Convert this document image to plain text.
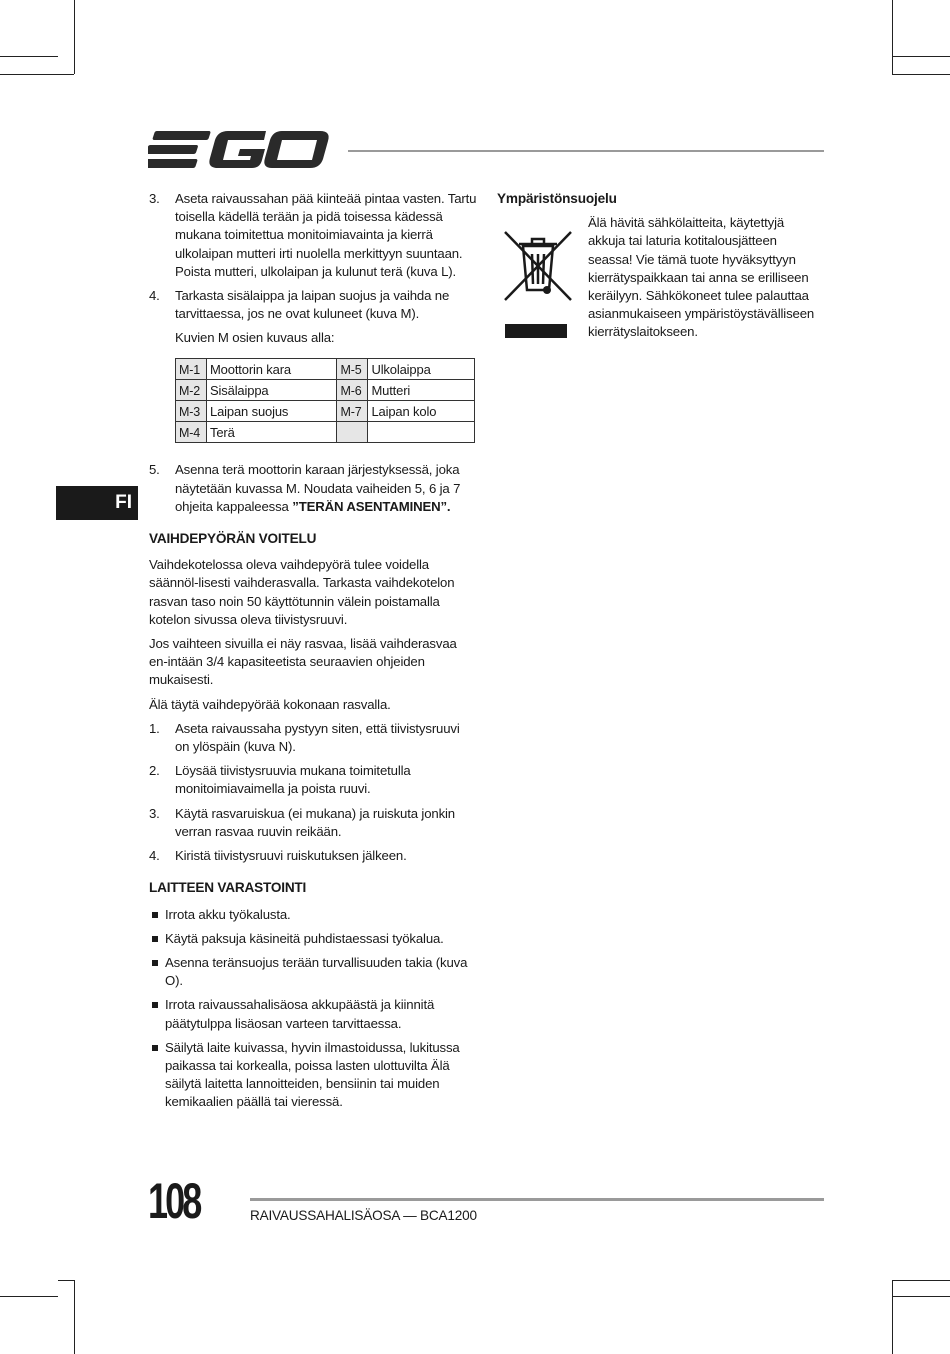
FI
3. Aseta raivaussahan pää kiinteää pintaa vasten. Tartu toisella kädellä terään ja pidä toisessa kädessä mukana toimitettua monitoimiavainta ja kierrä ulkolaipan mutteri irti nuolella merkittyyn suuntaan. Poista mutteri, ulkolaipan ja kulunut terä (kuva L).
4. Tarkasta sisälaippa ja laipan suojus ja vaihda ne tarvittaessa, jos ne ovat kuluneet (kuva M).
Kuvien M osien kuvaus alla:
M-1	Moottorin kara	M-5	Ulkolaippa
M-2	Sisälaippa	M-6	Mutteri
M-3	Laipan suojus	M-7	Laipan kolo
M-4	Terä		
5. Asenna terä moottorin karaan järjestyksessä, joka näytetään kuvassa M. Noudata vaiheiden 5, 6 ja 7 ohjeita kappaleessa ”TERÄN ASENTAMINEN”.
VAIHDEPYÖRÄN VOITELU

Vaihdekotelossa oleva vaihdepyörä tulee voidella säännöl-lisesti vaihderasvalla. Tarkasta vaihdekotelon rasvan taso noin 50 käyttötunnin välein poistamalla kotelon sivussa oleva tiivistysruuvi.

Jos vaihteen sivuilla ei näy rasvaa, lisää vaihderasvaa en-intään 3/4 kapasiteetista seuraavien ohjeiden mukaisesti.

Älä täytä vaihdepyörää kokonaan rasvalla.

1. Aseta raivaussaha pystyyn siten, että tiivistysruuvi on ylöspäin (kuva N).
2. Löysää tiivistysruuvia mukana toimitetulla monitoimiavaimella ja poista ruuvi.
3. Käytä rasvaruiskua (ei mukana) ja ruiskuta jonkin verran rasvaa ruuvin reikään.
4. Kiristä tiivistysruuvi ruiskutuksen jälkeen.
LAITTEEN VARASTOINTI
Irrota akku työkalusta.
Käytä paksuja käsineitä puhdistaessasi työkalua.
Asenna teränsuojus terään turvallisuuden takia (kuva O).
Irrota raivaussahalisäosa akkupäästä ja kiinnitä päätytulppa lisäosan varteen tarvittaessa.
Säilytä laite kuivassa, hyvin ilmastoidussa, lukitussa paikassa tai korkealla, poissa lasten ulottuvilta Älä säilytä laitetta lannoitteiden, bensiinin tai muiden kemikaalien päällä tai vieressä.
Ympäristönsuojelu
Älä hävitä sähkölaitteita, käytettyjä akkuja tai laturia kotitalousjätteen seassa! Vie tämä tuote hyväksyttyyn kierrätyspaikkaan tai anna se erilliseen keräilyyn. Sähkökoneet tulee palauttaa asianmukaiseen ympäristöystävälliseen kierrätyslaitokseen.
108	RAIVAUSSAHALISÄOSA — BCA1200
